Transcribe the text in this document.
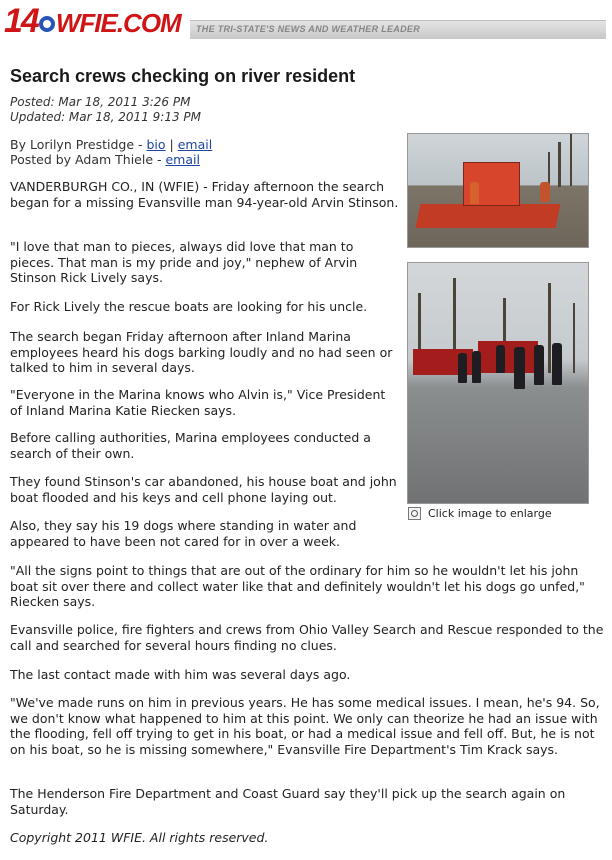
14 WFIE.COM THE TRI-STATE'S NEWS AND WEATHER LEADER
Search crews checking on river resident
Posted: Mar 18, 2011 3:26 PM
Updated: Mar 18, 2011 9:13 PM
By Lorilyn Prestidge - bio | email
Posted by Adam Thiele - email
Click image to enlarge

VANDERBURGH CO., IN (WFIE) - Friday afternoon the search began for a missing Evansville man 94-year-old Arvin Stinson.

"I love that man to pieces, always did love that man to pieces. That man is my pride and joy," nephew of Arvin Stinson Rick Lively says.

For Rick Lively the rescue boats are looking for his uncle.

The search began Friday afternoon after Inland Marina employees heard his dogs barking loudly and no had seen or talked to him in several days.

"Everyone in the Marina knows who Alvin is," Vice President of Inland Marina Katie Riecken says.

Before calling authorities, Marina employees conducted a search of their own.

They found Stinson's car abandoned, his house boat and john boat flooded and his keys and cell phone laying out.

Also, they say his 19 dogs where standing in water and appeared to have been not cared for in over a week.

"All the signs point to things that are out of the ordinary for him so he wouldn't let his john boat sit over there and collect water like that and definitely wouldn't let his dogs go unfed," Riecken says.

Evansville police, fire fighters and crews from Ohio Valley Search and Rescue responded to the call and searched for several hours finding no clues.

The last contact made with him was several days ago.

"We've made runs on him in previous years. He has some medical issues. I mean, he's 94. So, we don't know what happened to him at this point. We only can theorize he had an issue with the flooding, fell off trying to get in his boat, or had a medical issue and fell off. But, he is not on his boat, so he is missing somewhere," Evansville Fire Department's Tim Krack says.

The Henderson Fire Department and Coast Guard say they'll pick up the search again on Saturday.

Copyright 2011 WFIE. All rights reserved.
